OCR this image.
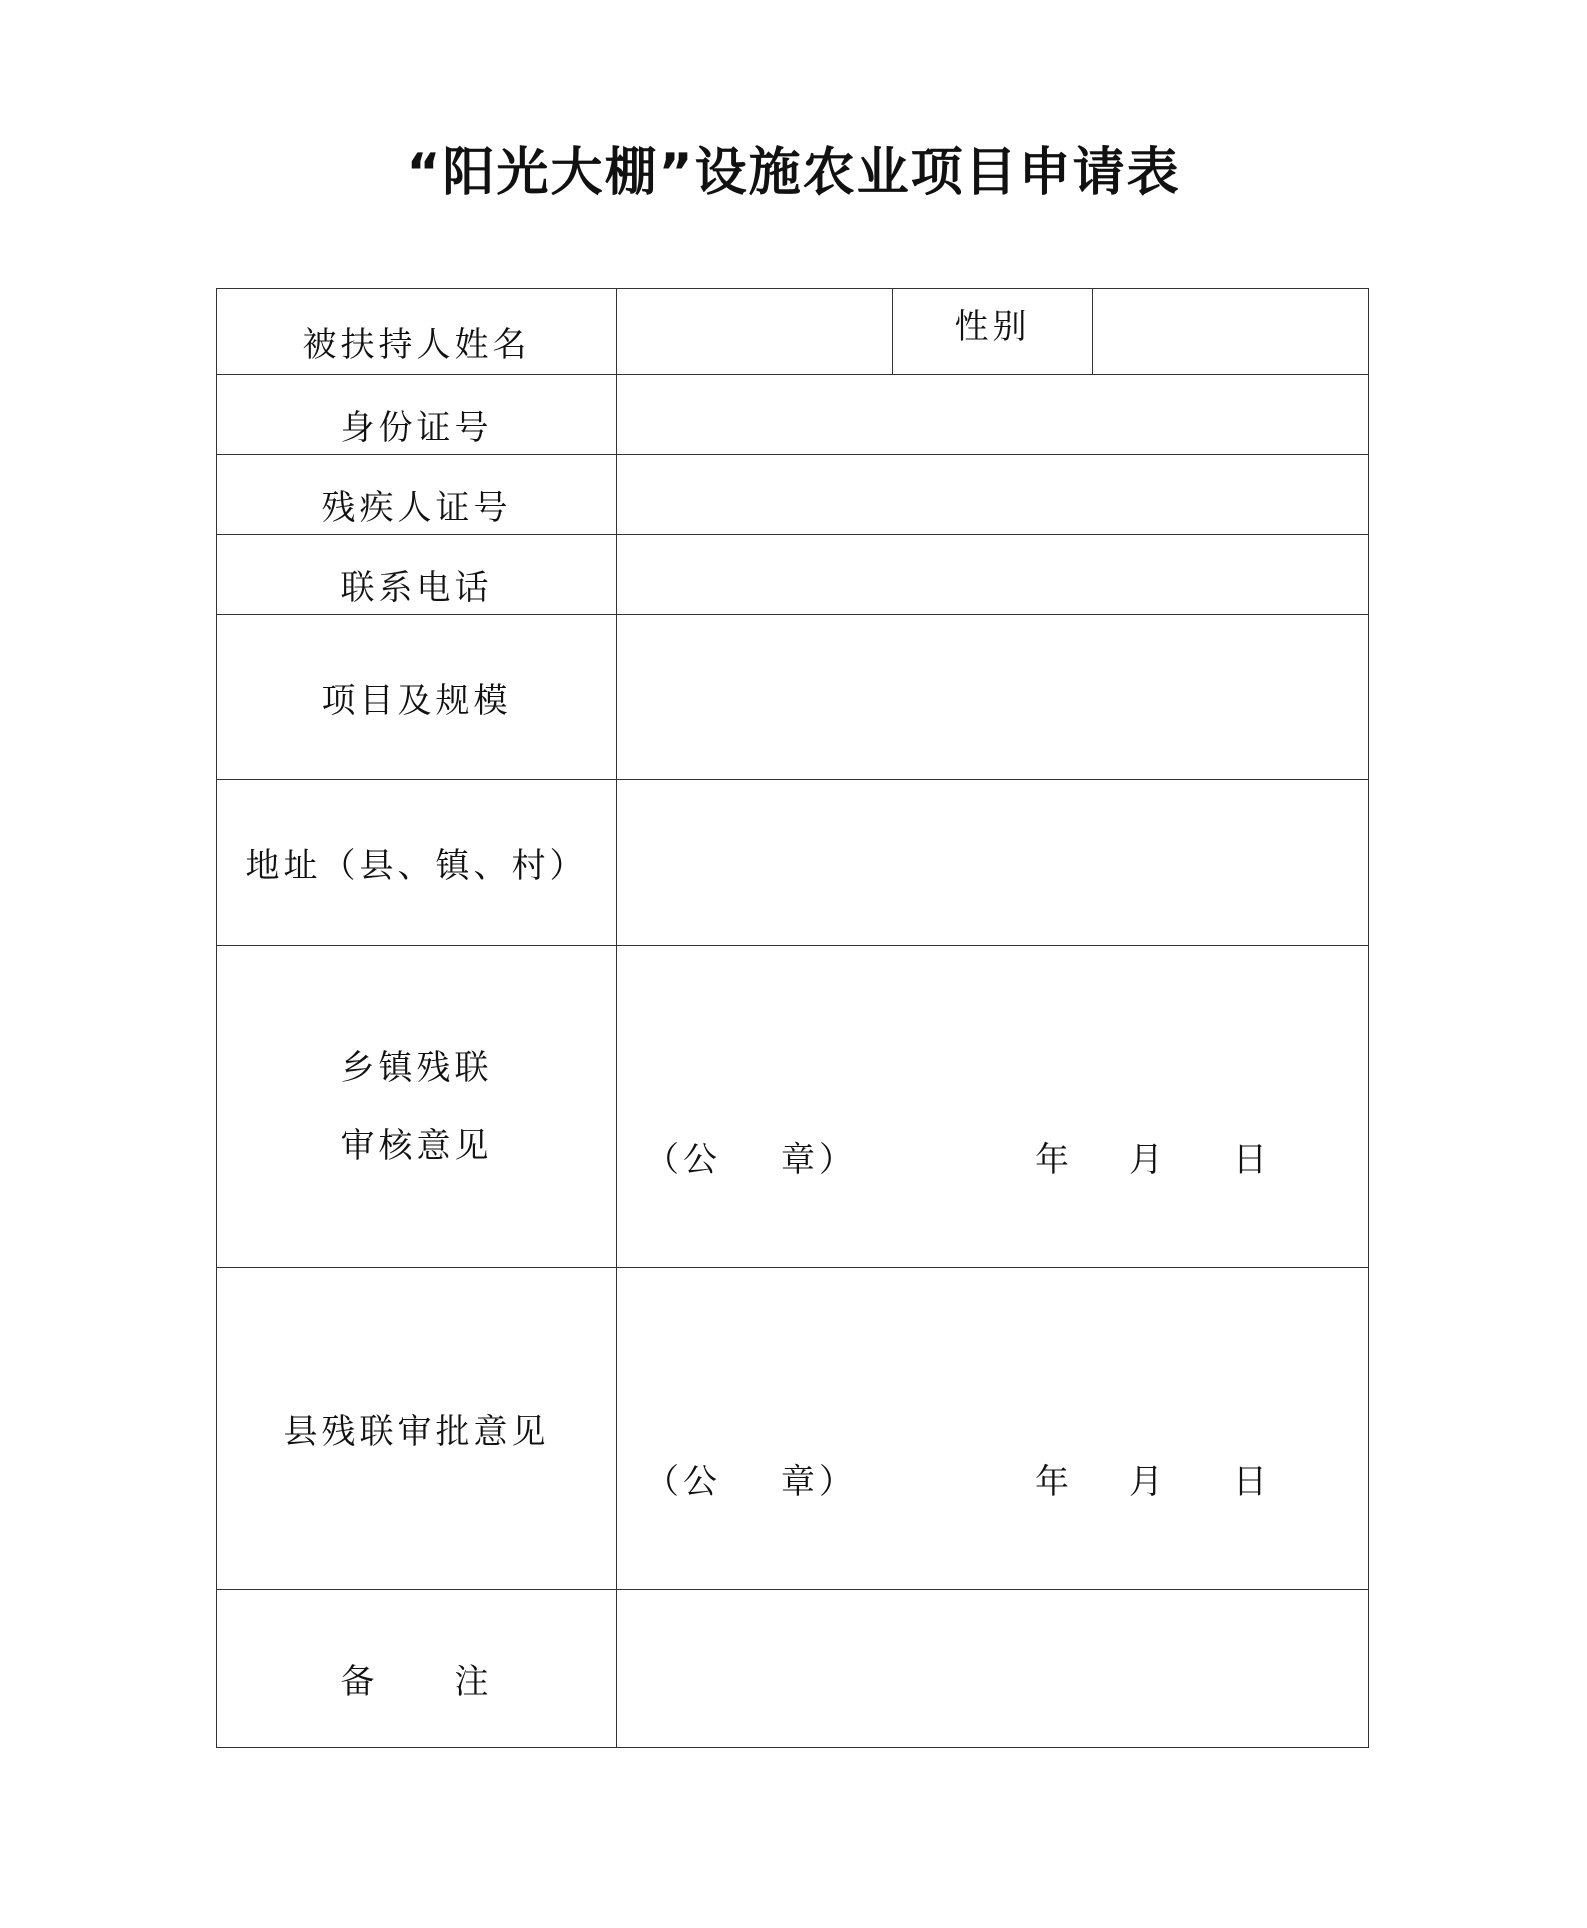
“阳光大棚”设施农业项目申请表
被扶持人姓名		性别	
身份证号			
残疾人证号			
联系电话			
项目及规模			
地址（县、镇、村）			

乡镇残联
审核意见	（公 章） 年 月 日		

县残联审批意见	（公 章） 年 月 日		

备　　注			
